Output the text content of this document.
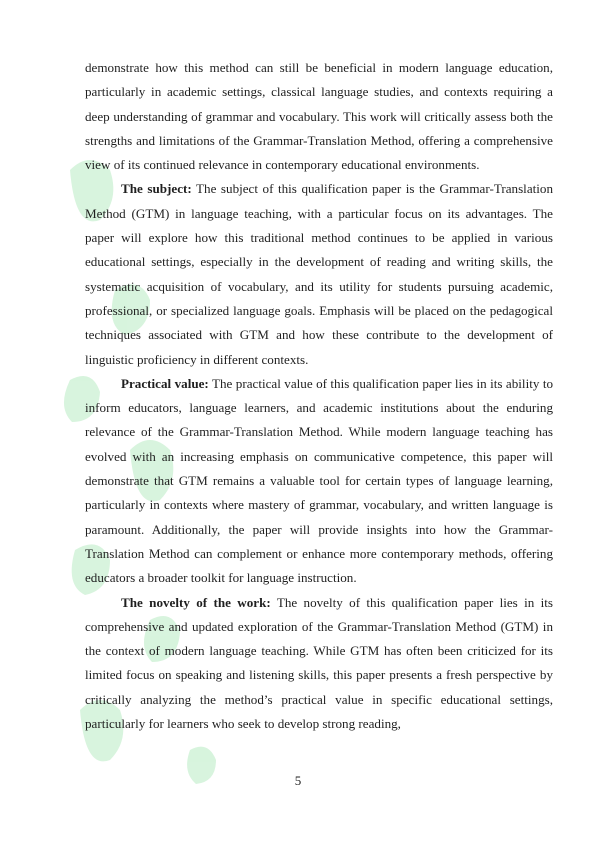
demonstrate how this method can still be beneficial in modern language education, particularly in academic settings, classical language studies, and contexts requiring a deep understanding of grammar and vocabulary. This work will critically assess both the strengths and limitations of the Grammar-Translation Method, offering a comprehensive view of its continued relevance in contemporary educational environments.

The subject: The subject of this qualification paper is the Grammar-Translation Method (GTM) in language teaching, with a particular focus on its advantages. The paper will explore how this traditional method continues to be applied in various educational settings, especially in the development of reading and writing skills, the systematic acquisition of vocabulary, and its utility for students pursuing academic, professional, or specialized language goals. Emphasis will be placed on the pedagogical techniques associated with GTM and how these contribute to the development of linguistic proficiency in different contexts.

Practical value: The practical value of this qualification paper lies in its ability to inform educators, language learners, and academic institutions about the enduring relevance of the Grammar-Translation Method. While modern language teaching has evolved with an increasing emphasis on communicative competence, this paper will demonstrate that GTM remains a valuable tool for certain types of language learning, particularly in contexts where mastery of grammar, vocabulary, and written language is paramount. Additionally, the paper will provide insights into how the Grammar-Translation Method can complement or enhance more contemporary methods, offering educators a broader toolkit for language instruction.

The novelty of the work: The novelty of this qualification paper lies in its comprehensive and updated exploration of the Grammar-Translation Method (GTM) in the context of modern language teaching. While GTM has often been criticized for its limited focus on speaking and listening skills, this paper presents a fresh perspective by critically analyzing the method’s practical value in specific educational settings, particularly for learners who seek to develop strong reading,

5
